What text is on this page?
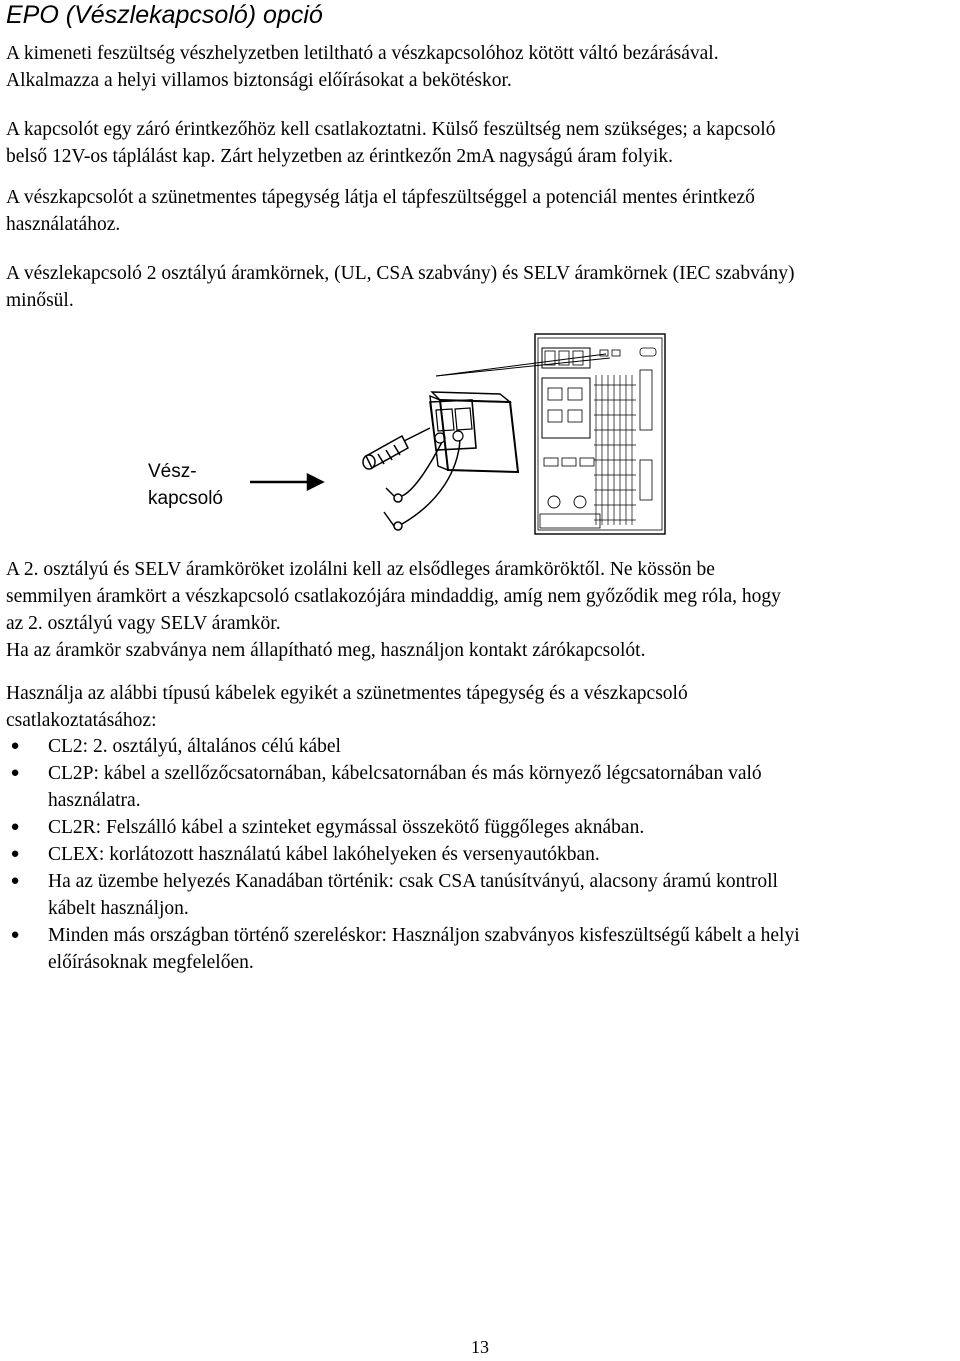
EPO (Vészlekapcsoló) opció
A kimeneti feszültség vészhelyzetben letiltható a vészkapcsolóhoz kötött váltó bezárásával.
Alkalmazza a helyi villamos biztonsági előírásokat a bekötéskor.
A kapcsolót egy záró érintkezőhöz kell csatlakoztatni. Külső feszültség nem szükséges; a kapcsoló
belső 12V-os táplálást kap. Zárt helyzetben az érintkezőn 2mA nagyságú áram folyik.
A vészkapcsolót a szünetmentes tápegység látja el tápfeszültséggel a potenciál mentes érintkező
használatához.
A vészlekapcsoló 2 osztályú áramkörnek, (UL, CSA szabvány) és SELV áramkörnek (IEC szabvány)
minősül.
Vész-
kapcsoló
A 2. osztályú és SELV áramköröket izolálni kell az elsődleges áramköröktől. Ne kössön be
semmilyen áramkört a vészkapcsoló csatlakozójára mindaddig, amíg nem győződik meg róla, hogy
az 2. osztályú vagy SELV áramkör.
Ha az áramkör szabványa nem állapítható meg, használjon kontakt zárókapcsolót.
Használja az alábbi típusú kábelek egyikét a szünetmentes tápegység és a vészkapcsoló
csatlakoztatásához:
● CL2: 2. osztályú, általános célú kábel
● CL2P: kábel a szellőzőcsatornában, kábelcsatornában és más környező légcsatornában való
használatra.
● CL2R: Felszálló kábel a szinteket egymással összekötő függőleges aknában.
● CLEX: korlátozott használatú kábel lakóhelyeken és versenyautókban.
● Ha az üzembe helyezés Kanadában történik: csak CSA tanúsítványú, alacsony áramú kontroll
kábelt használjon.
● Minden más országban történő szereléskor: Használjon szabványos kisfeszültségű kábelt a helyi
előírásoknak megfelelően.
13
